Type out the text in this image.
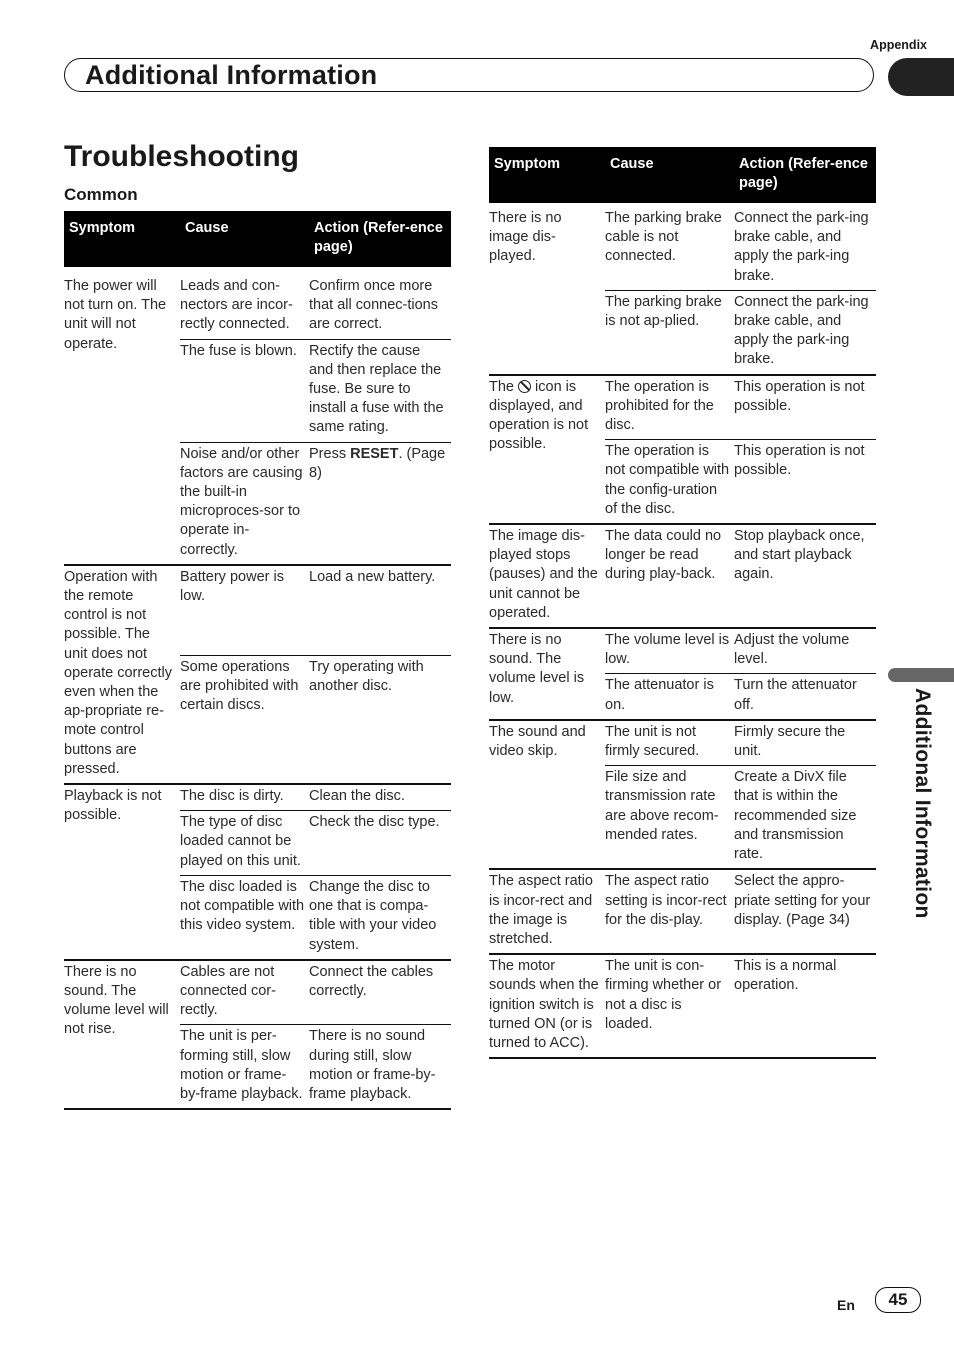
Appendix
Additional Information
Additional Information
Troubleshooting
Common
Symptom	Cause	Action (Refer-ence page)

The power will not turn on. The unit will not operate.	Leads and con-nectors are incor-rectly connected.	Confirm once more that all connec-tions are correct.
	The fuse is blown.	Rectify the cause and then replace the fuse. Be sure to install a fuse with the same rating.
	Noise and/or other factors are causing the built-in microproces-sor to operate in-correctly.	Press RESET. (Page 8)
Operation with the remote control is not possible. The unit does not operate correctly even when the ap-propriate re-mote control buttons are pressed.	Battery power is low.	Load a new battery.
	Some operations are prohibited with certain discs.	Try operating with another disc.
Playback is not possible.	The disc is dirty.	Clean the disc.
	The type of disc loaded cannot be played on this unit.	Check the disc type.
	The disc loaded is not compatible with this video system.	Change the disc to one that is compa-tible with your video system.
There is no sound. The volume level will not rise.	Cables are not connected cor-rectly.	Connect the cables correctly.
	The unit is per-forming still, slow motion or frame-by-frame playback.	There is no sound during still, slow motion or frame-by-frame playback.
Symptom	Cause	Action (Refer-ence page)

There is no image dis-played.	The parking brake cable is not connected.	Connect the park-ing brake cable, and apply the park-ing brake.
	The parking brake is not ap-plied.	Connect the park-ing brake cable, and apply the park-ing brake.
The  icon is displayed, and operation is not possible.	The operation is prohibited for the disc.	This operation is not possible.
	The operation is not compatible with the config-uration of the disc.	This operation is not possible.
The image dis-played stops (pauses) and the unit cannot be operated.	The data could no longer be read during play-back.	Stop playback once, and start playback again.
There is no sound. The volume level is low.	The volume level is low.	Adjust the volume level.
	The attenuator is on.	Turn the attenuator off.
The sound and video skip.	The unit is not firmly secured.	Firmly secure the unit.
	File size and transmission rate are above recom-mended rates.	Create a DivX file that is within the recommended size and transmission rate.
The aspect ratio is incor-rect and the image is stretched.	The aspect ratio setting is incor-rect for the dis-play.	Select the appro-priate setting for your display. (Page 34)
The motor sounds when the ignition switch is turned ON (or is turned to ACC).	The unit is con-firming whether or not a disc is loaded.	This is a normal operation.
En	45
